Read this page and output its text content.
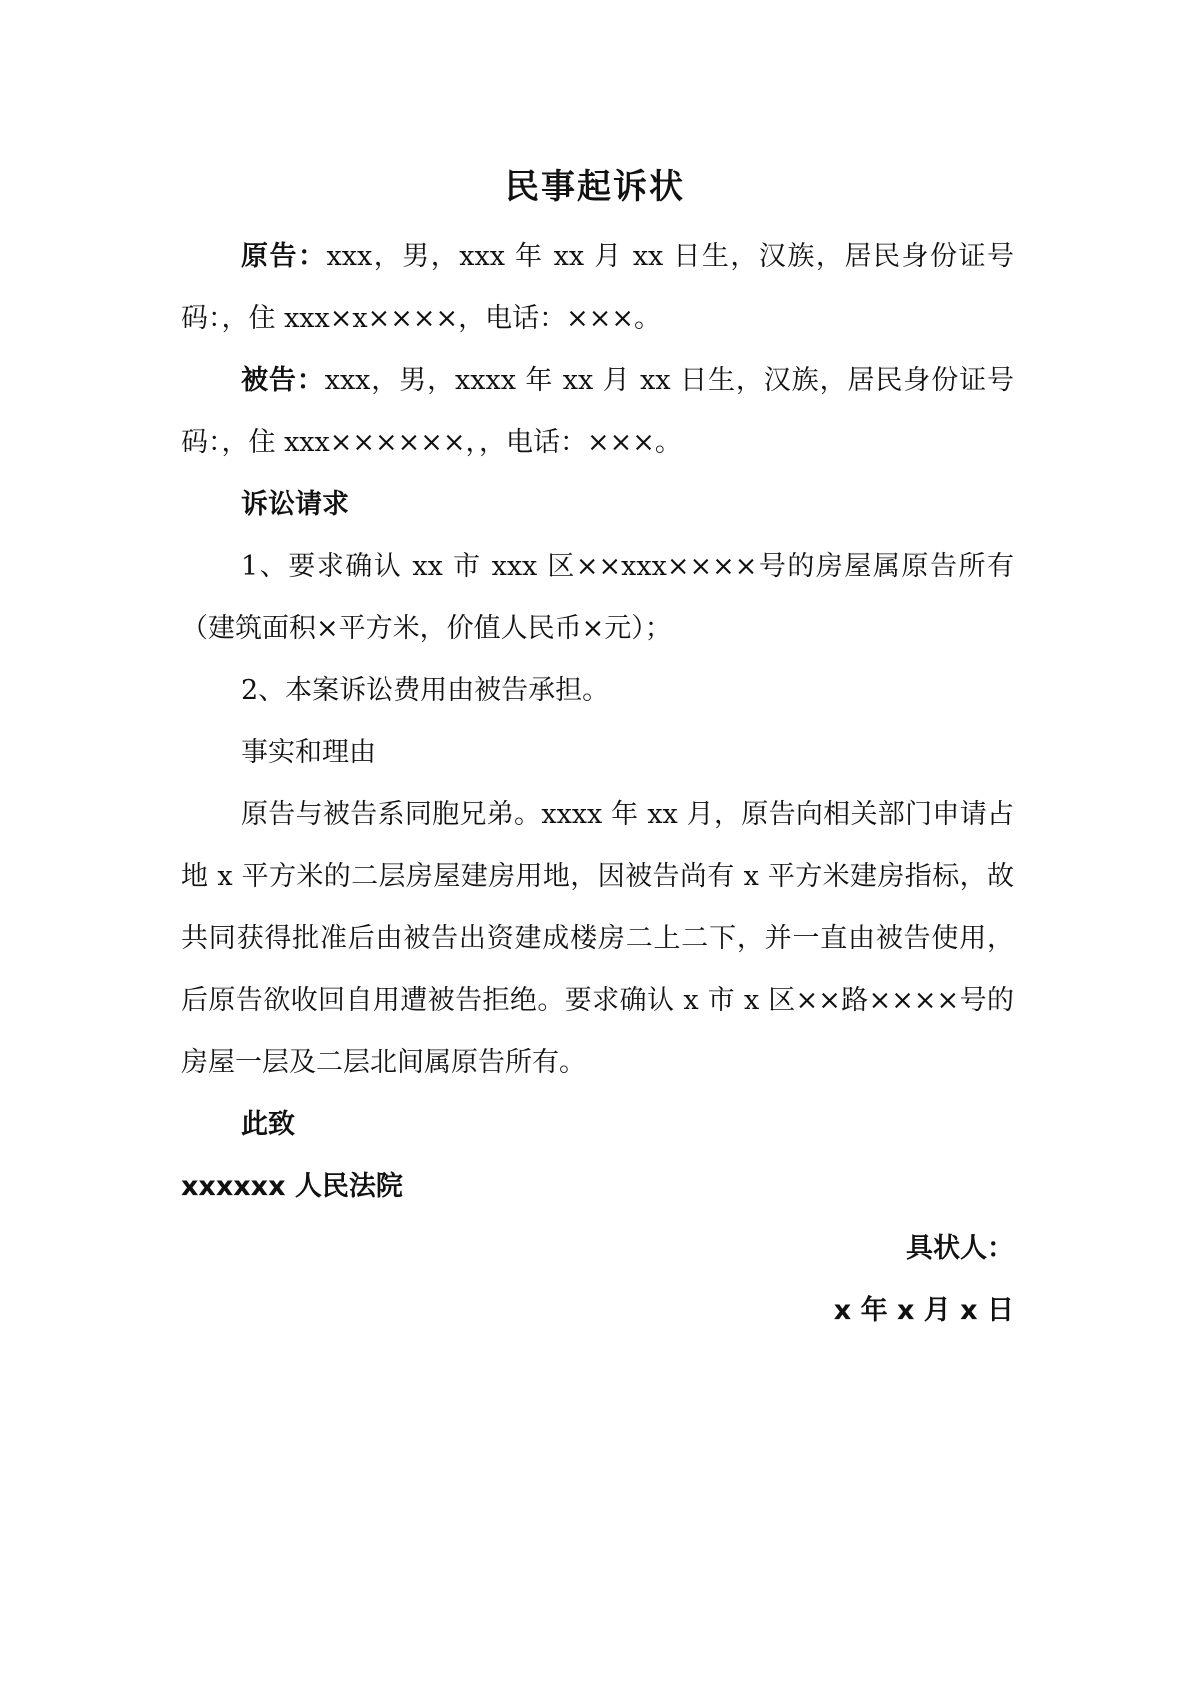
民事起诉状

原告：xxx，男，xxx 年 xx 月 xx 日生，汉族，居民身份证号码：，住 xxx×x××××，电话：×××。

被告：xxx，男，xxxx 年 xx 月 xx 日生，汉族，居民身份证号码：，住 xxx××××××，，电话：×××。

诉讼请求

1、要求确认 xx 市 xxx 区××xxx××××号的房屋属原告所有（建筑面积×平方米，价值人民币×元）；

2、本案诉讼费用由被告承担。

事实和理由

原告与被告系同胞兄弟。xxxx 年 xx 月，原告向相关部门申请占地 x 平方米的二层房屋建房用地，因被告尚有 x 平方米建房指标，故共同获得批准后由被告出资建成楼房二上二下，并一直由被告使用，后原告欲收回自用遭被告拒绝。要求确认 x 市 x 区××路××××号的房屋一层及二层北间属原告所有。

此致

xxxxxx 人民法院

具状人：

x 年 x 月 x 日
